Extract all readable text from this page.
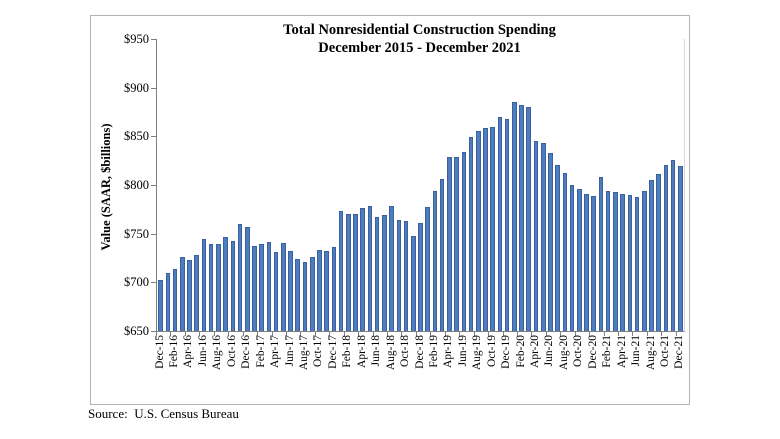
Total Nonresidential Construction Spending
December 2015 - December 2021
Value (SAAR, $billions)
$650
$700
$750
$800
$850
$900
$950
Dec-15 Feb-16 Apr-16 Jun-16 Aug-16 Oct-16 Dec-16 Feb-17 Apr-17 Jun-17 Aug-17 Oct-17 Dec-17 Feb-18 Apr-18 Jun-18 Aug-18 Oct-18 Dec-18 Feb-19 Apr-19 Jun-19 Aug-19 Oct-19 Dec-19 Feb-20 Apr-20 Jun-20 Aug-20 Oct-20 Dec-20 Feb-21 Apr-21 Jun-21 Aug-21 Oct-21 Dec-21
Source:  U.S. Census Bureau
